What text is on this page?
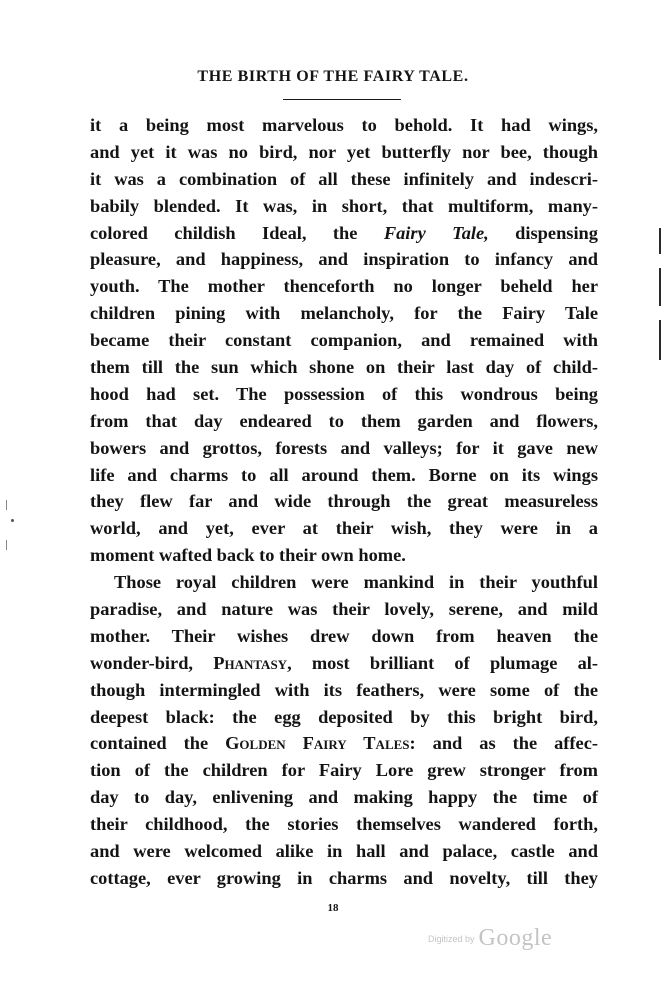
THE BIRTH OF THE FAIRY TALE.
it a being most marvelous to behold. It had wings,
and yet it was no bird, nor yet butterfly nor bee, though
it was a combination of all these infinitely and indescri-
babily blended. It was, in short, that multiform, many-
colored childish Ideal, the Fairy Tale, dispensing
pleasure, and happiness, and inspiration to infancy and
youth. The mother thenceforth no longer beheld her
children pining with melancholy, for the Fairy Tale
became their constant companion, and remained with
them till the sun which shone on their last day of child-
hood had set. The possession of this wondrous being
from that day endeared to them garden and flowers,
bowers and grottos, forests and valleys; for it gave new
life and charms to all around them. Borne on its wings
they flew far and wide through the great measureless
world, and yet, ever at their wish, they were in a
moment wafted back to their own home.
Those royal children were mankind in their youthful
paradise, and nature was their lovely, serene, and mild
mother. Their wishes drew down from heaven the
wonder-bird, Phantasy, most brilliant of plumage al-
though intermingled with its feathers, were some of the
deepest black: the egg deposited by this bright bird,
contained the Golden Fairy Tales: and as the affec-
tion of the children for Fairy Lore grew stronger from
day to day, enlivening and making happy the time of
their childhood, the stories themselves wandered forth,
and were welcomed alike in hall and palace, castle and
cottage, ever growing in charms and novelty, till they
18
Digitized by Google
